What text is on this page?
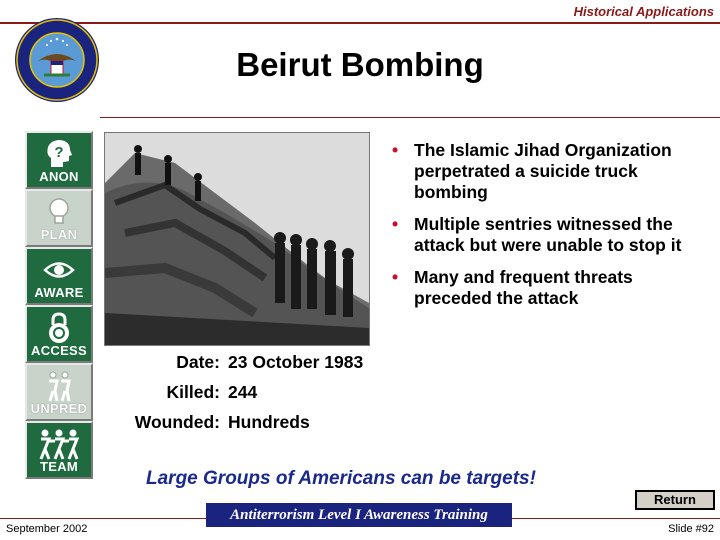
Historical Applications
Beirut Bombing
?
ANON
PLAN
AWARE
ACCESS
UNPRED
TEAM
• The Islamic Jihad Organization perpetrated a suicide truck bombing
• Multiple sentries witnessed the attack but were unable to stop it
• Many and frequent threats preceded the attack
Date: 23 October 1983
Killed: 244
Wounded: Hundreds
Large Groups of Americans can be targets!
Return
Antiterrorism Level I Awareness Training
September 2002	Slide #92
